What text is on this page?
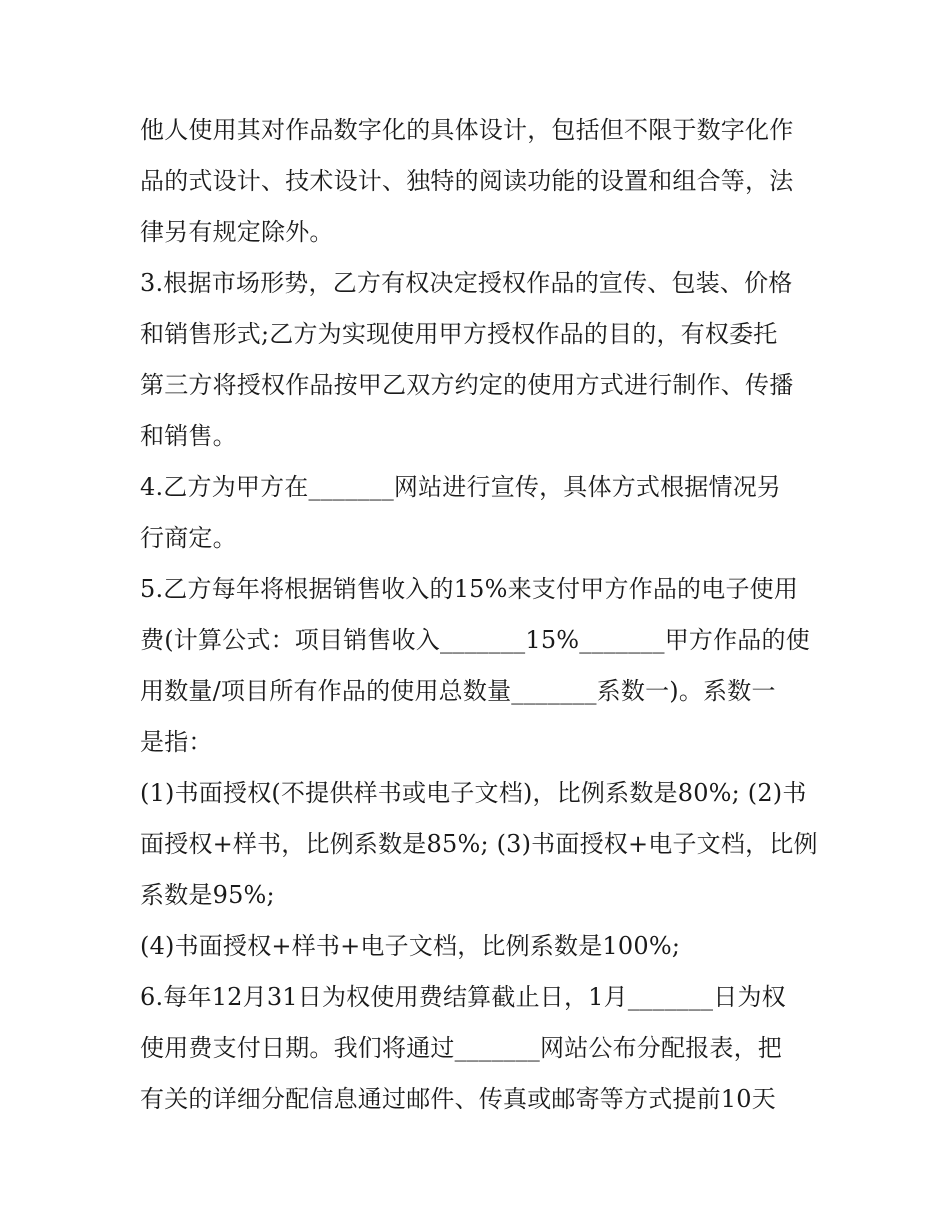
他人使用其对作品数字化的具体设计，包括但不限于数字化作
品的式设计、技术设计、独特的阅读功能的设置和组合等，法
律另有规定除外。
3.根据市场形势，乙方有权决定授权作品的宣传、包装、价格
和销售形式;乙方为实现使用甲方授权作品的目的，有权委托
第三方将授权作品按甲乙双方约定的使用方式进行制作、传播
和销售。
4.乙方为甲方在_______网站进行宣传，具体方式根据情况另
行商定。
5.乙方每年将根据销售收入的15%来支付甲方作品的电子使用
费(计算公式：项目销售收入_______15%_______甲方作品的使
用数量/项目所有作品的使用总数量_______系数一)。系数一
是指：
(1)书面授权(不提供样书或电子文档)，比例系数是80%; (2)书
面授权+样书，比例系数是85%; (3)书面授权+电子文档，比例
系数是95%;
(4)书面授权+样书+电子文档，比例系数是100%;
6.每年12月31日为权使用费结算截止日，1月_______日为权
使用费支付日期。我们将通过_______网站公布分配报表，把
有关的详细分配信息通过邮件、传真或邮寄等方式提前10天
